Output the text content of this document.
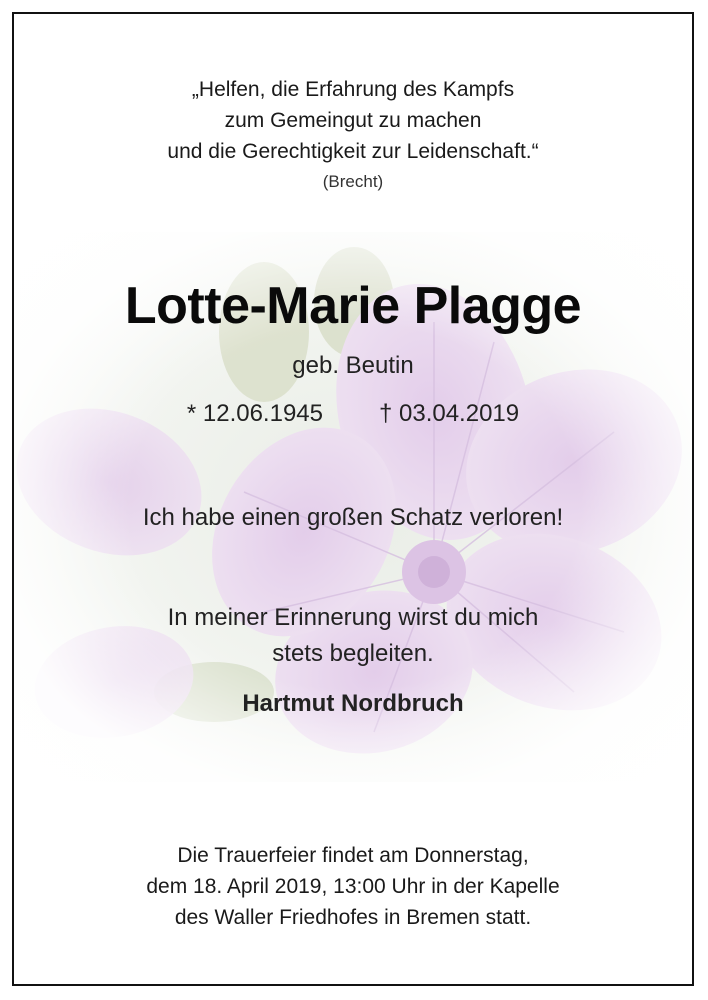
„Helfen, die Erfahrung des Kampfs
zum Gemeingut zu machen
und die Gerechtigkeit zur Leidenschaft.“
(Brecht)
Lotte-Marie Plagge
geb. Beutin
* 12.06.1945 † 03.04.2019
Ich habe einen großen Schatz verloren!
In meiner Erinnerung wirst du mich
stets begleiten.
Hartmut Nordbruch
Die Trauerfeier findet am Donnerstag,
dem 18. April 2019, 13:00 Uhr in der Kapelle
des Waller Friedhofes in Bremen statt.
